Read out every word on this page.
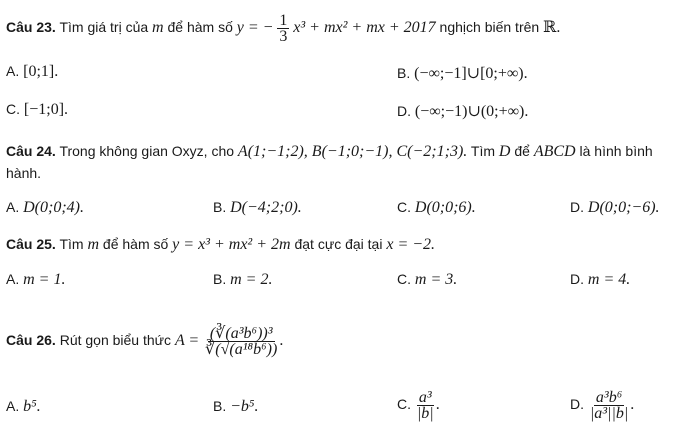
Câu 23. Tìm giá trị của m để hàm số y = − $\frac{1}{3} x^3 + mx^2$ + mx + 2017 nghịch biến trên ℝ.
A. [0;1].	B. (−∞;−1]∪[0;+∞).
C. [−1;0].	D. (−∞;−1)∪(0;+∞).
Câu 24. Trong không gian Oxyz, cho A(1;−1;2), B(−1;0;−1), C(−2;1;3). Tìm D để ABCD là hình bình
hành.
A. D(0;0;4).	B. D(−4;2;0).	C. D(0;0;6).	D. D(0;0;−6).
Câu 25. Tìm m để hàm số y = x³ + mx² + 2m đạt cực đại tại x = −2.
A. m = 1.	B. m = 2.	C. m = 3.	D. m = 4.
Câu 26. Rút gọn biểu thức $A = \frac{\text{(∛(a³b⁶))³}}{\text{∛(√(a¹⁸b⁶))}}$ .
A. b⁵.	B. −b⁵.	C. $\frac{\text{a³}}{|b|}$ .	D. $\frac{\text{a³b⁶}}{\text{|a³||b|}}$ .
